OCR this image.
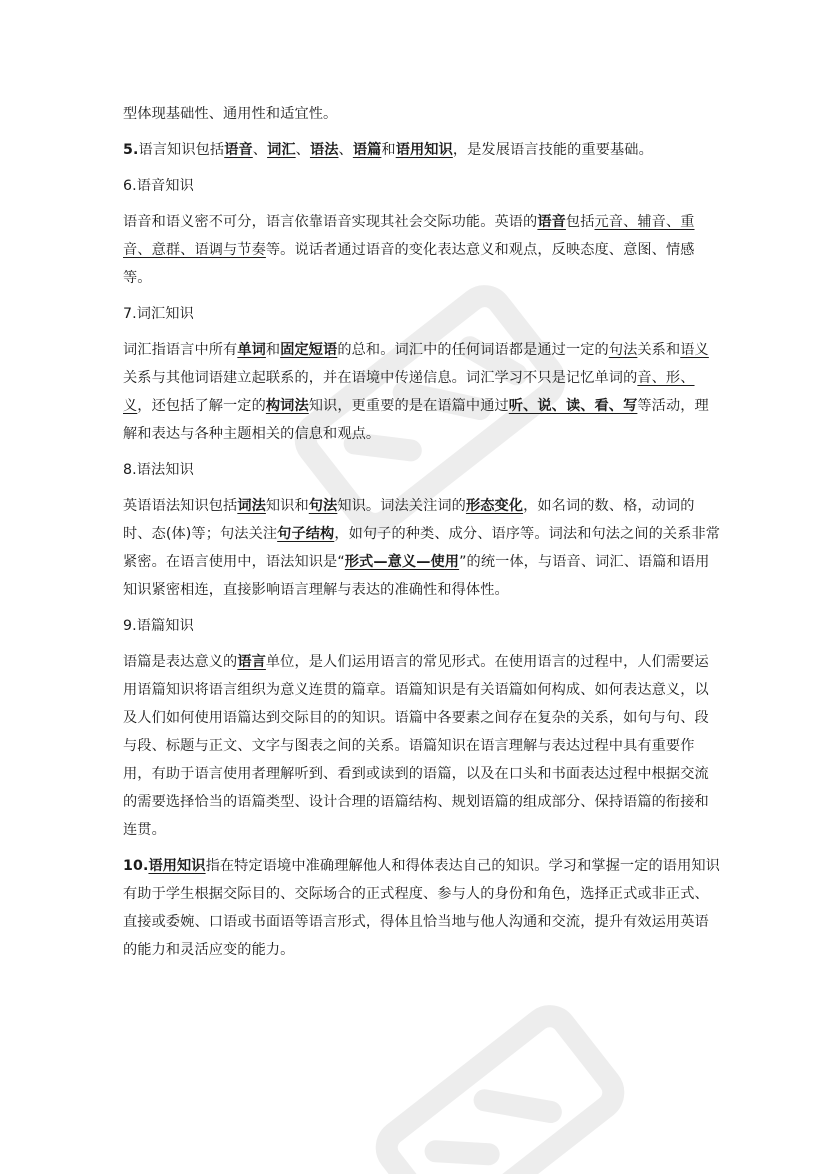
型体现基础性、通用性和适宜性。

5.语言知识包括语音、词汇、语法、语篇和语用知识，是发展语言技能的重要基础。

6.语音知识

语音和语义密不可分，语言依靠语音实现其社会交际功能。英语的语音包括元音、辅音、重音、意群、语调与节奏等。说话者通过语音的变化表达意义和观点，反映态度、意图、情感等。

7.词汇知识

词汇指语言中所有单词和固定短语的总和。词汇中的任何词语都是通过一定的句法关系和语义关系与其他词语建立起联系的，并在语境中传递信息。词汇学习不只是记忆单词的音、形、义，还包括了解一定的构词法知识，更重要的是在语篇中通过听、说、读、看、写等活动，理解和表达与各种主题相关的信息和观点。

8.语法知识

英语语法知识包括词法知识和句法知识。词法关注词的形态变化，如名词的数、格，动词的时、态(体)等；句法关注句子结构，如句子的种类、成分、语序等。词法和句法之间的关系非常紧密。在语言使用中，语法知识是“形式—意义—使用”的统一体，与语音、词汇、语篇和语用知识紧密相连，直接影响语言理解与表达的准确性和得体性。

9.语篇知识

语篇是表达意义的语言单位，是人们运用语言的常见形式。在使用语言的过程中，人们需要运用语篇知识将语言组织为意义连贯的篇章。语篇知识是有关语篇如何构成、如何表达意义，以及人们如何使用语篇达到交际目的的知识。语篇中各要素之间存在复杂的关系，如句与句、段与段、标题与正文、文字与图表之间的关系。语篇知识在语言理解与表达过程中具有重要作用，有助于语言使用者理解听到、看到或读到的语篇，以及在口头和书面表达过程中根据交流的需要选择恰当的语篇类型、设计合理的语篇结构、规划语篇的组成部分、保持语篇的衔接和连贯。

10.语用知识指在特定语境中准确理解他人和得体表达自己的知识。学习和掌握一定的语用知识有助于学生根据交际目的、交际场合的正式程度、参与人的身份和角色，选择正式或非正式、直接或委婉、口语或书面语等语言形式，得体且恰当地与他人沟通和交流，提升有效运用英语的能力和灵活应变的能力。
